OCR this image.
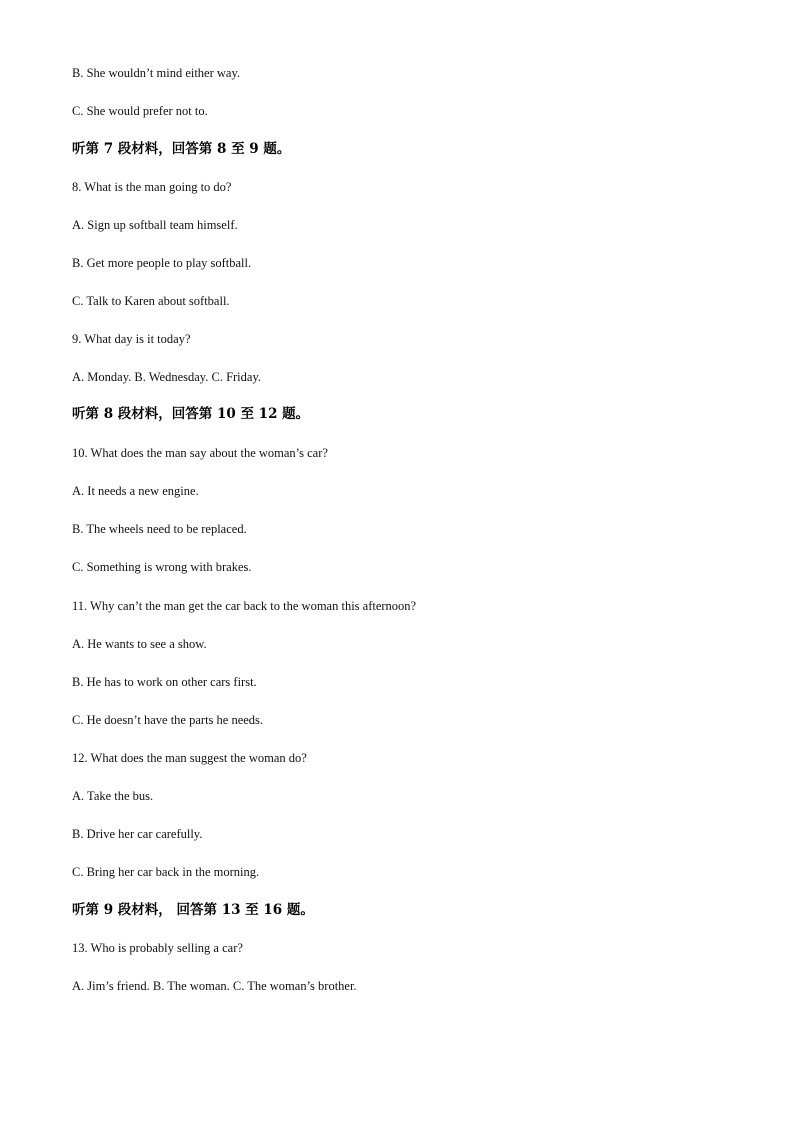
B. She wouldn’t mind either way.

C. She would prefer not to.

听第 7 段材料，回答第 8 至 9 题。

8. What is the man going to do?

A. Sign up softball team himself.

B. Get more people to play softball.

C. Talk to Karen about softball.

9. What day is it today?

A. Monday. B. Wednesday. C. Friday.

听第 8 段材料，回答第 10 至 12 题。

10. What does the man say about the woman’s car?

A. It needs a new engine.

B. The wheels need to be replaced.

C. Something is wrong with brakes.

11. Why can’t the man get the car back to the woman this afternoon?

A. He wants to see a show.

B. He has to work on other cars first.

C. He doesn’t have the parts he needs.

12. What does the man suggest the woman do?

A. Take the bus.

B. Drive her car carefully.

C. Bring her car back in the morning.

听第 9 段材料， 回答第 13 至 16 题。

13. Who is probably selling a car?

A. Jim’s friend. B. The woman. C. The woman’s brother.
